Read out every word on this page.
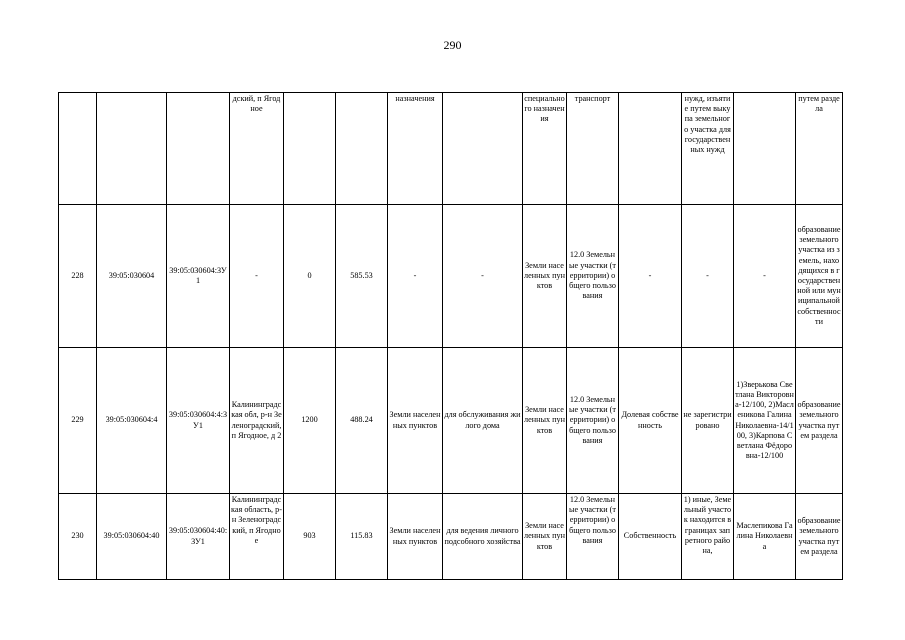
290
			дский, п Ягодное			назначения		специального назначения	транспорт		нужд, изъятие путем выкупа земельного участка для государственных нужд		путем раздела
228	39:05:030604	39:05:030604:ЗУ1	-	0	585.53	-	-	Земли населенных пунктов	12.0 Земельные участки (территории) общего пользования	-	-	-	образование земельного участка из земель, находящихся в государственной или муниципальной собственности
229	39:05:030604:4	39:05:030604:4:ЗУ1	Калининградская обл, р-н Зеленоградский, п Ягодное, д 2	1200	488.24	Земли населенных пунктов	для обслуживания жилого дома	Земли населенных пунктов	12.0 Земельные участки (территории) общего пользования	Долевая собственность	не зарегистрировано	1)Зверькова Светлана Викторовна-12/100, 2)Масленикова Галина Николаевна-14/100, 3)Карпова Светлана Фёдоровна-12/100	образование земельного участка путем раздела
230	39:05:030604:40	39:05:030604:40:ЗУ1	Калининградская область, р-н Зеленоградский, п Ягодное	903	115.83	Земли населенных пунктов	для ведения личного подсобного хозяйства	Земли населенных пунктов	12.0 Земельные участки (территории) общего пользования	Собственность	1) иные, Земельный участок находится в границах запретного района,	Маслепикова Галина Николаевна	образование земельного участка путем раздела
